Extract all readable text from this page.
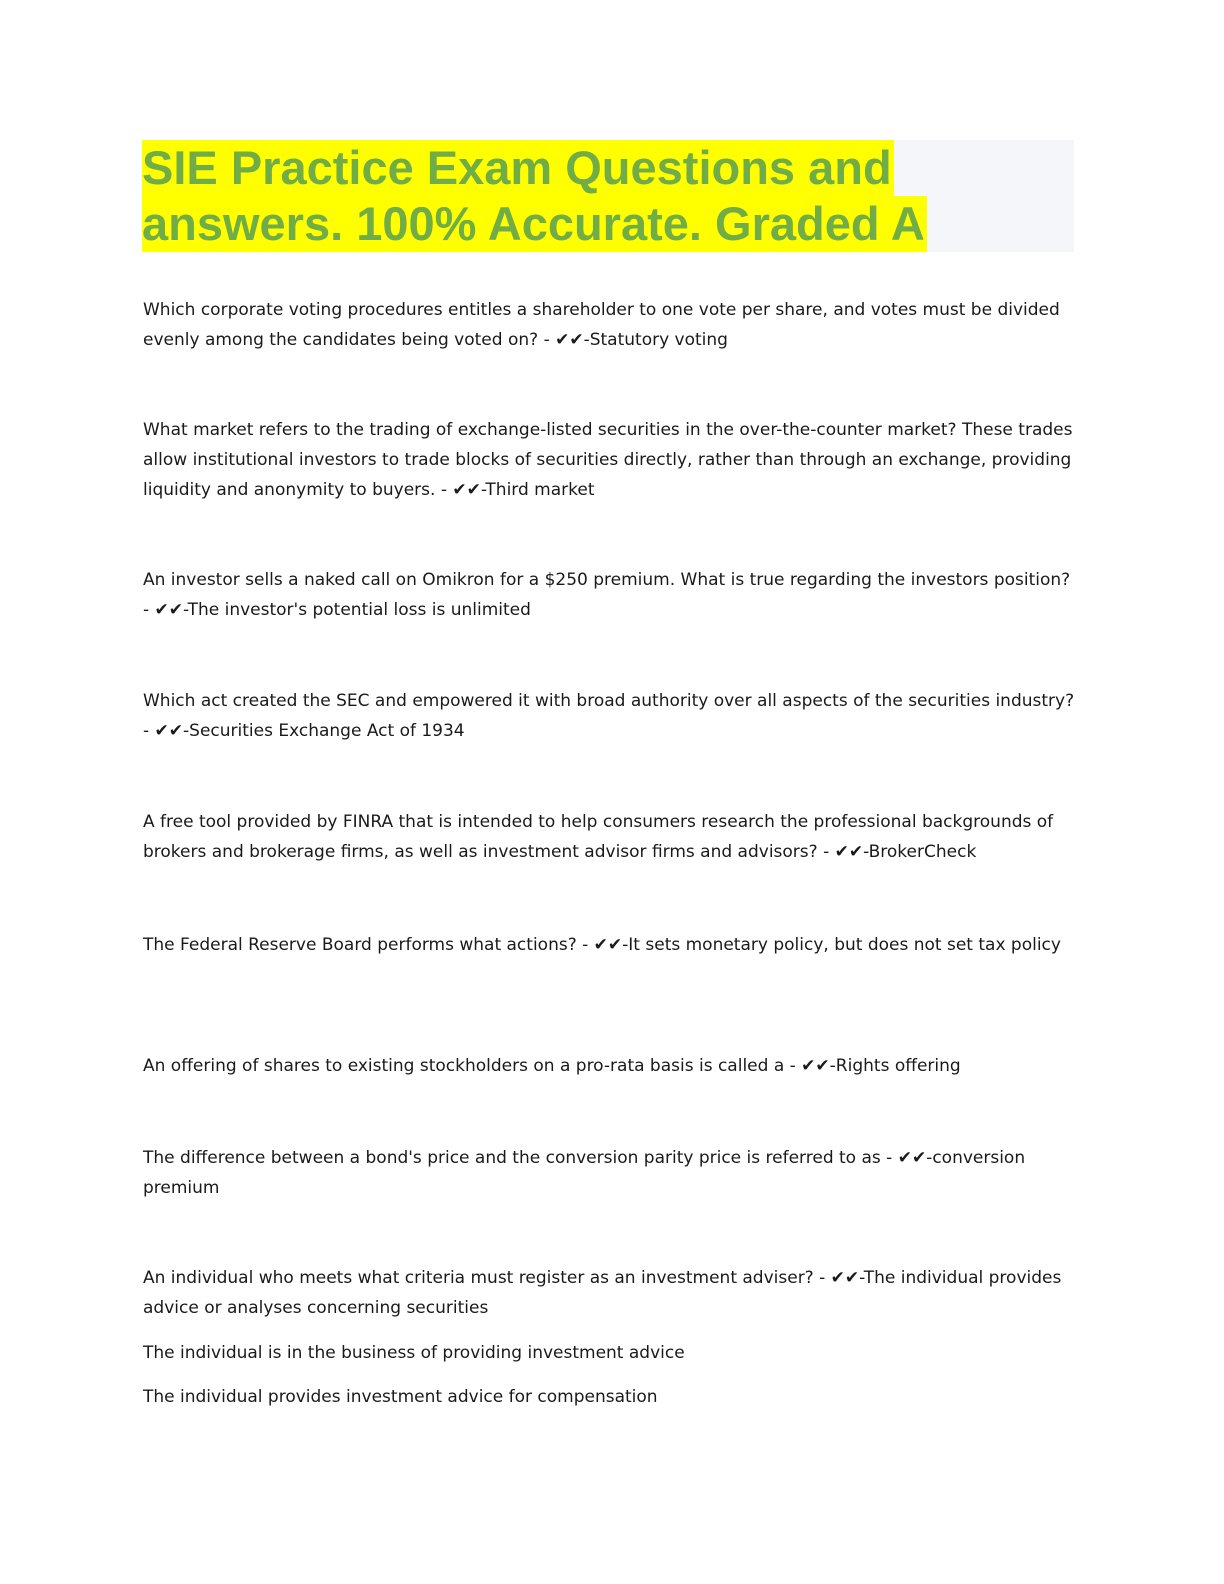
SIE Practice Exam Questions and
answers. 100% Accurate. Graded A
Which corporate voting procedures entitles a shareholder to one vote per share, and votes must be divided evenly among the candidates being voted on? - ✔✔-Statutory voting
What market refers to the trading of exchange-listed securities in the over-the-counter market? These trades allow institutional investors to trade blocks of securities directly, rather than through an exchange, providing liquidity and anonymity to buyers. - ✔✔-Third market
An investor sells a naked call on Omikron for a $250 premium. What is true regarding the investors position? - ✔✔-The investor's potential loss is unlimited
Which act created the SEC and empowered it with broad authority over all aspects of the securities industry? - ✔✔-Securities Exchange Act of 1934
A free tool provided by FINRA that is intended to help consumers research the professional backgrounds of brokers and brokerage firms, as well as investment advisor firms and advisors? - ✔✔-BrokerCheck
The Federal Reserve Board performs what actions? - ✔✔-It sets monetary policy, but does not set tax policy
An offering of shares to existing stockholders on a pro-rata basis is called a - ✔✔-Rights offering
The difference between a bond's price and the conversion parity price is referred to as - ✔✔-conversion premium
An individual who meets what criteria must register as an investment adviser? - ✔✔-The individual provides advice or analyses concerning securities
The individual is in the business of providing investment advice
The individual provides investment advice for compensation
